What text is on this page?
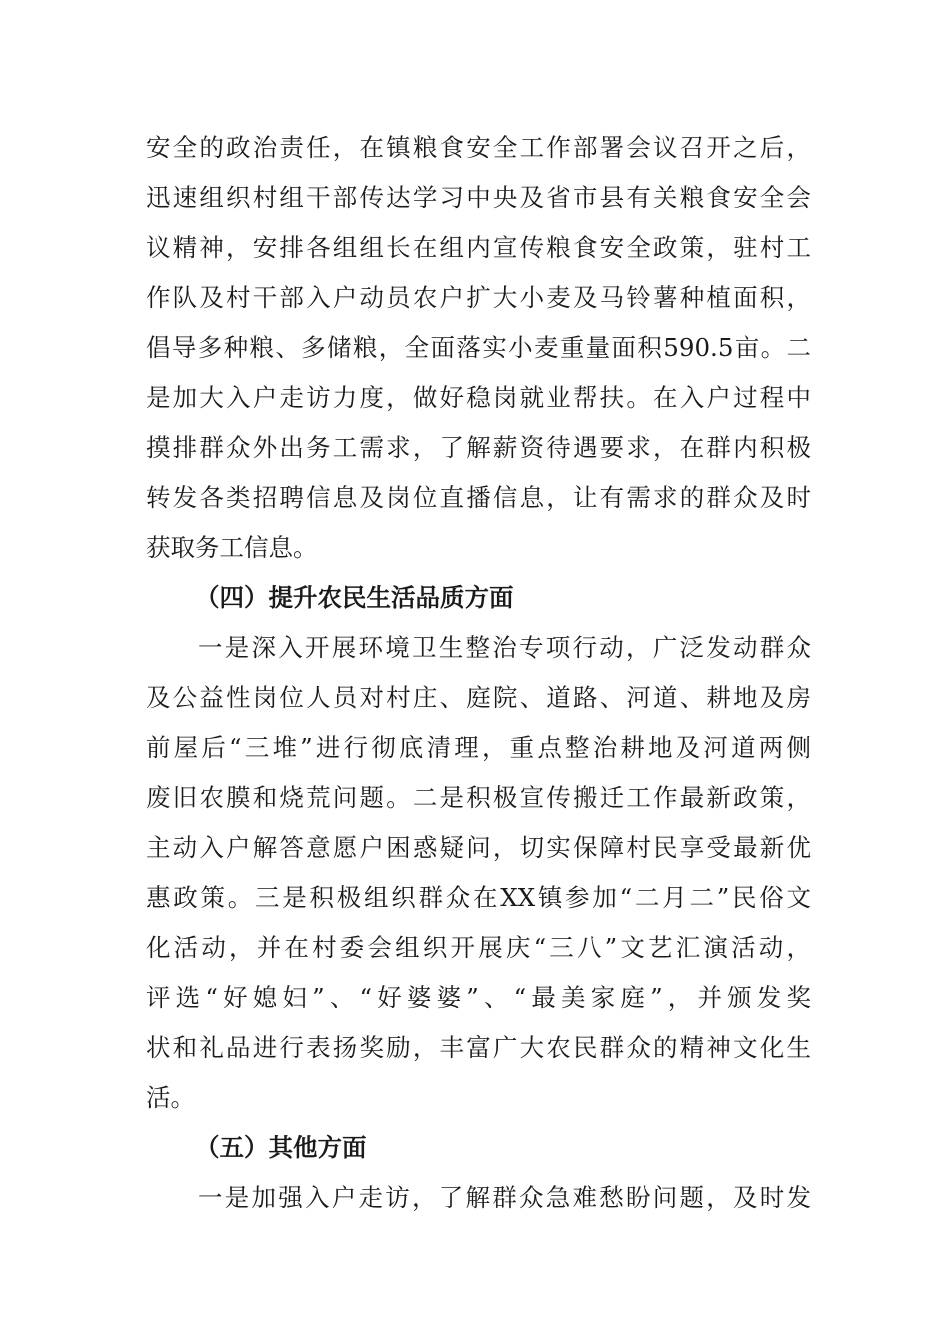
安全的政治责任，在镇粮食安全工作部署会议召开之后，
迅速组织村组干部传达学习中央及省市县有关粮食安全会
议精神，安排各组组长在组内宣传粮食安全政策，驻村工
作队及村干部入户动员农户扩大小麦及马铃薯种植面积，
倡导多种粮、多储粮，全面落实小麦重量面积590.5亩。二
是加大入户走访力度，做好稳岗就业帮扶。在入户过程中
摸排群众外出务工需求，了解薪资待遇要求，在群内积极
转发各类招聘信息及岗位直播信息，让有需求的群众及时
获取务工信息。
（四）提升农民生活品质方面
一是深入开展环境卫生整治专项行动，广泛发动群众
及公益性岗位人员对村庄、庭院、道路、河道、耕地及房
前屋后“三堆”进行彻底清理，重点整治耕地及河道两侧
废旧农膜和烧荒问题。二是积极宣传搬迁工作最新政策，
主动入户解答意愿户困惑疑问，切实保障村民享受最新优
惠政策。三是积极组织群众在XX镇参加“二月二”民俗文
化活动，并在村委会组织开展庆“三八”文艺汇演活动，
评选“好媳妇”、“好婆婆”、“最美家庭”，并颁发奖
状和礼品进行表扬奖励，丰富广大农民群众的精神文化生
活。
（五）其他方面
一是加强入户走访，了解群众急难愁盼问题，及时发
